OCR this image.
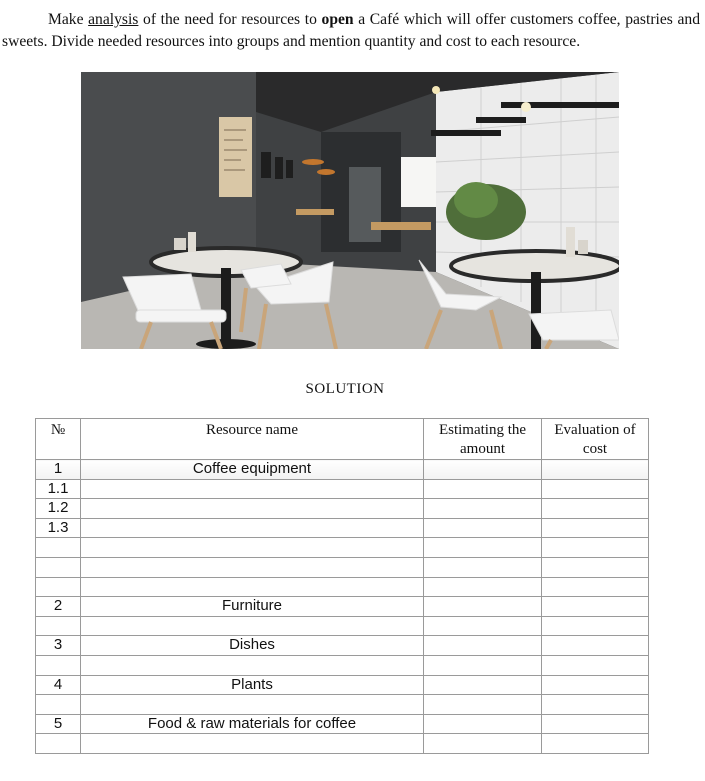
Make analysis of the need for resources to open a Café which will offer customers coffee, pastries and sweets. Divide needed resources into groups and mention quantity and cost to each resource.
SOLUTION
№	Resource name	Estimating the amount	Evaluation of cost
1	Coffee equipment		
1.1			
1.2			
1.3			

2	Furniture		

3	Dishes		

4	Plants		

5	Food & raw materials for coffee		
